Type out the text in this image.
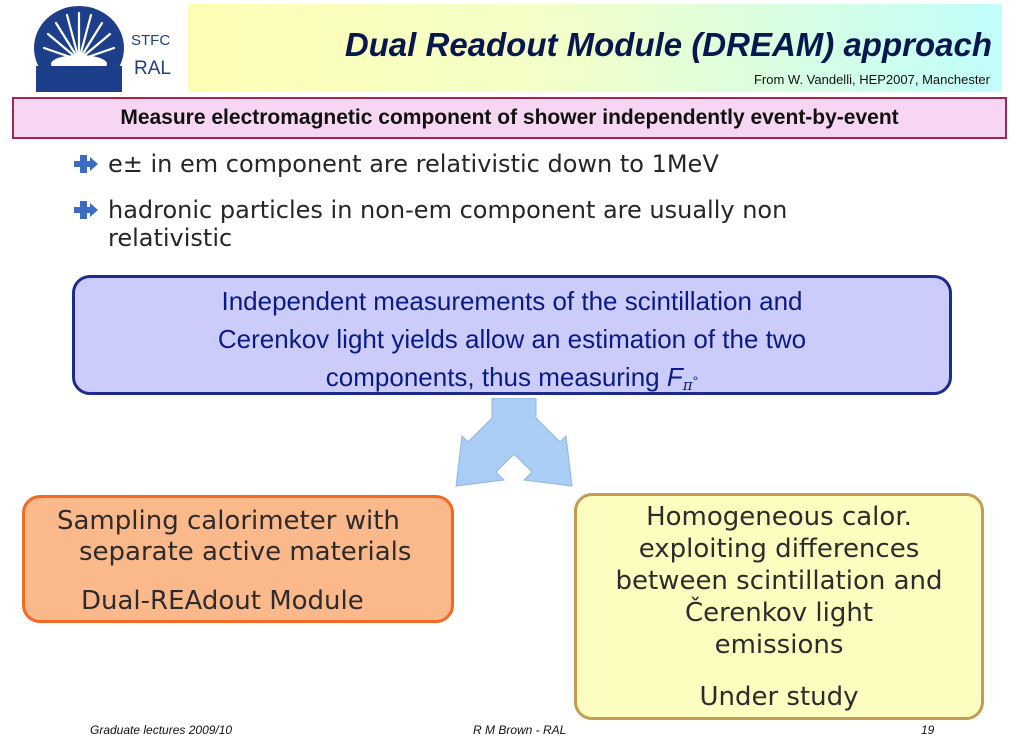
STFC
RAL
Dual Readout Module (DREAM) approach
From W. Vandelli, HEP2007, Manchester
Measure electromagnetic component of shower independently event-by-event
e± in em component are relativistic down to 1MeV
hadronic particles in non-em component are usually non relativistic
Independent measurements of the scintillation and
Cerenkov light yields allow an estimation of the two
components, thus measuring Fπ°
Sampling calorimeter with
separate active materials
Dual-REAdout Module
Homogeneous calor.
exploiting differences
between scintillation and
Čerenkov light
emissions
Under study
Graduate lectures 2009/10	R M Brown - RAL	19
